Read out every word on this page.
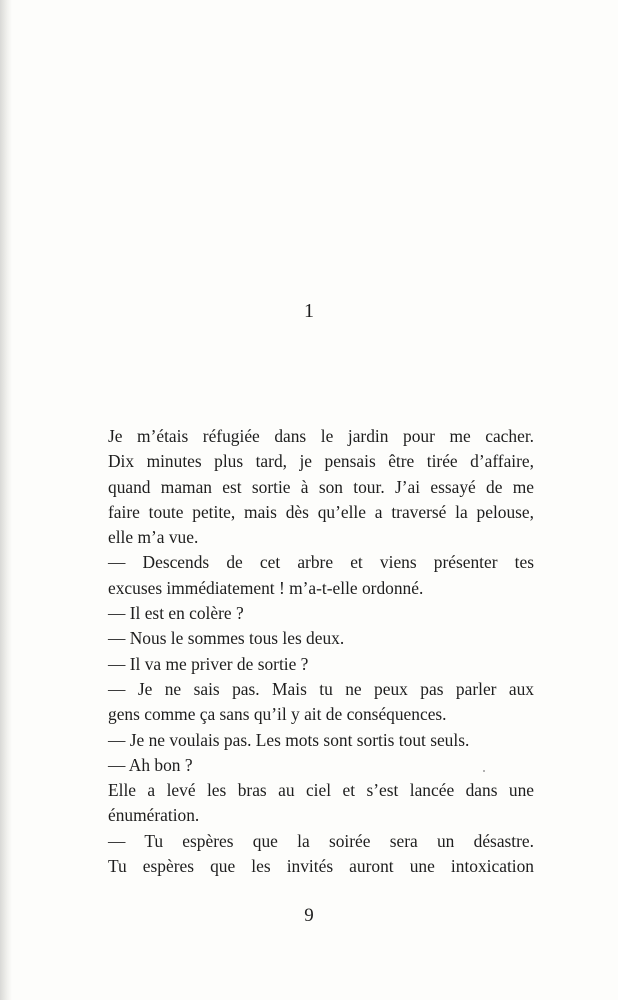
1
Je m’étais réfugiée dans le jardin pour me cacher.
Dix minutes plus tard, je pensais être tirée d’affaire,
quand maman est sortie à son tour. J’ai essayé de me
faire toute petite, mais dès qu’elle a traversé la pelouse,
elle m’a vue.
— Descends de cet arbre et viens présenter tes
excuses immédiatement ! m’a-t-elle ordonné.
— Il est en colère ?
— Nous le sommes tous les deux.
— Il va me priver de sortie ?
— Je ne sais pas. Mais tu ne peux pas parler aux
gens comme ça sans qu’il y ait de conséquences.
— Je ne voulais pas. Les mots sont sortis tout seuls.
— Ah bon ?
Elle a levé les bras au ciel et s’est lancée dans une
énumération.
— Tu espères que la soirée sera un désastre.
Tu espères que les invités auront une intoxication
9
